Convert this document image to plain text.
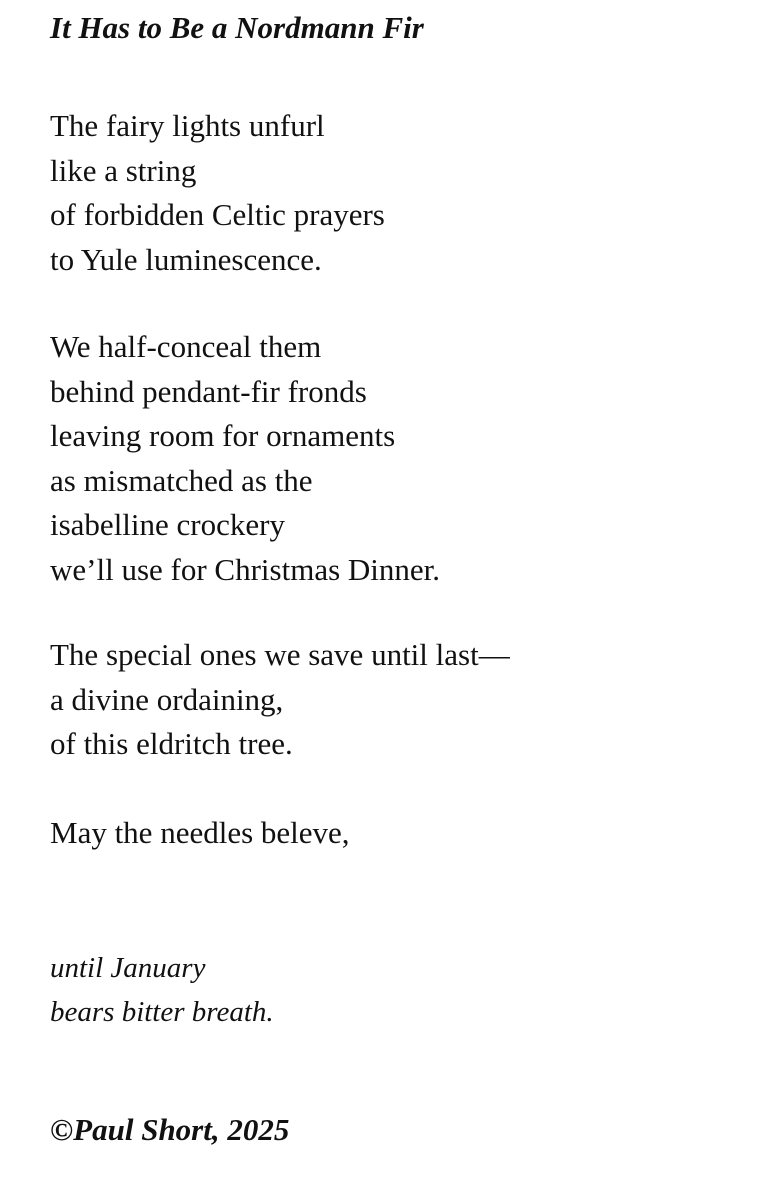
It Has to Be a Nordmann Fir
The fairy lights unfurl
like a string
of forbidden Celtic prayers
to Yule luminescence.
We half-conceal them
behind pendant-fir fronds
leaving room for ornaments
as mismatched as the
isabelline crockery
we’ll use for Christmas Dinner.
The special ones we save until last—
a divine ordaining,
of this eldritch tree.
May the needles beleve,
until January
bears bitter breath.
©Paul Short, 2025
